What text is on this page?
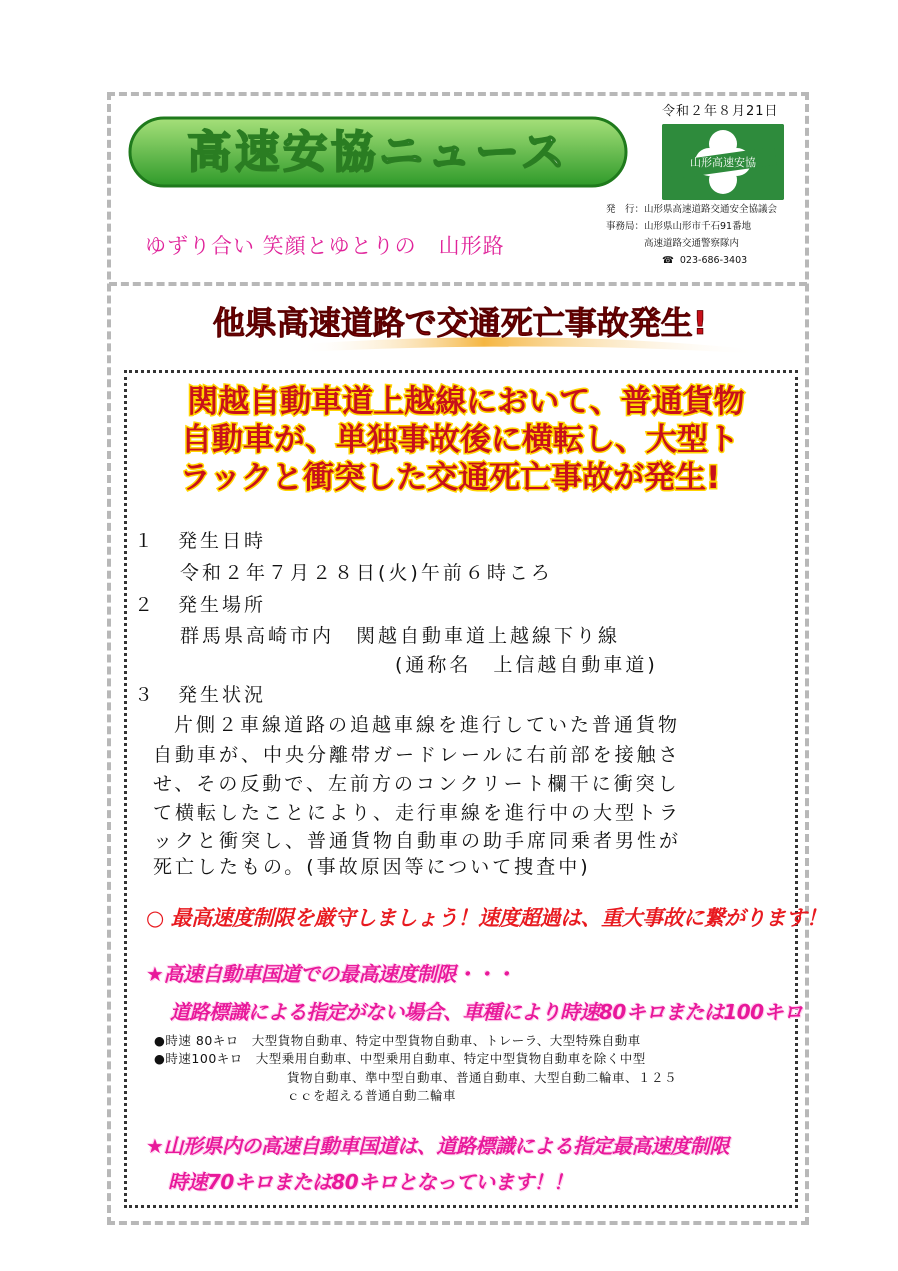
高速安協ニュース
令和２年８月21日
山形高速安協
ゆずり合い 笑顔とゆとりの　山形路
発　行：山形県高速道路交通安全協議会
事務局：山形県山形市千石91番地
高速道路交通警察隊内
☎ 023-686-3403
他県高速道路で交通死亡事故発生!
関越自動車道上越線において、普通貨物
自動車が、単独事故後に横転し、大型ト
ラックと衝突した交通死亡事故が発生!
１　発生日時
令和２年７月２８日(火)午前６時ころ
２　発生場所
群馬県高崎市内　関越自動車道上越線下り線
(通称名　上信越自動車道)
３　発生状況
片側２車線道路の追越車線を進行していた普通貨物
自動車が、中央分離帯ガードレールに右前部を接触さ
せ、その反動で、左前方のコンクリート欄干に衝突し
て横転したことにより、走行車線を進行中の大型トラ
ックと衝突し、普通貨物自動車の助手席同乗者男性が
死亡したもの。(事故原因等について捜査中)
○ 最高速度制限を厳守しましょう！速度超過は、重大事故に繋がります！
★高速自動車国道での最高速度制限・・・
道路標識による指定がない場合、車種により時速80キロまたは100キロ
●時速 80キロ　大型貨物自動車、特定中型貨物自動車、トレーラ、大型特殊自動車
●時速100キロ　大型乗用自動車、中型乗用自動車、特定中型貨物自動車を除く中型
貨物自動車、準中型自動車、普通自動車、大型自動二輪車、１２５
ｃｃを超える普通自動二輪車
★山形県内の高速自動車国道は、道路標識による指定最高速度制限
時速70キロまたは80キロとなっています！！
